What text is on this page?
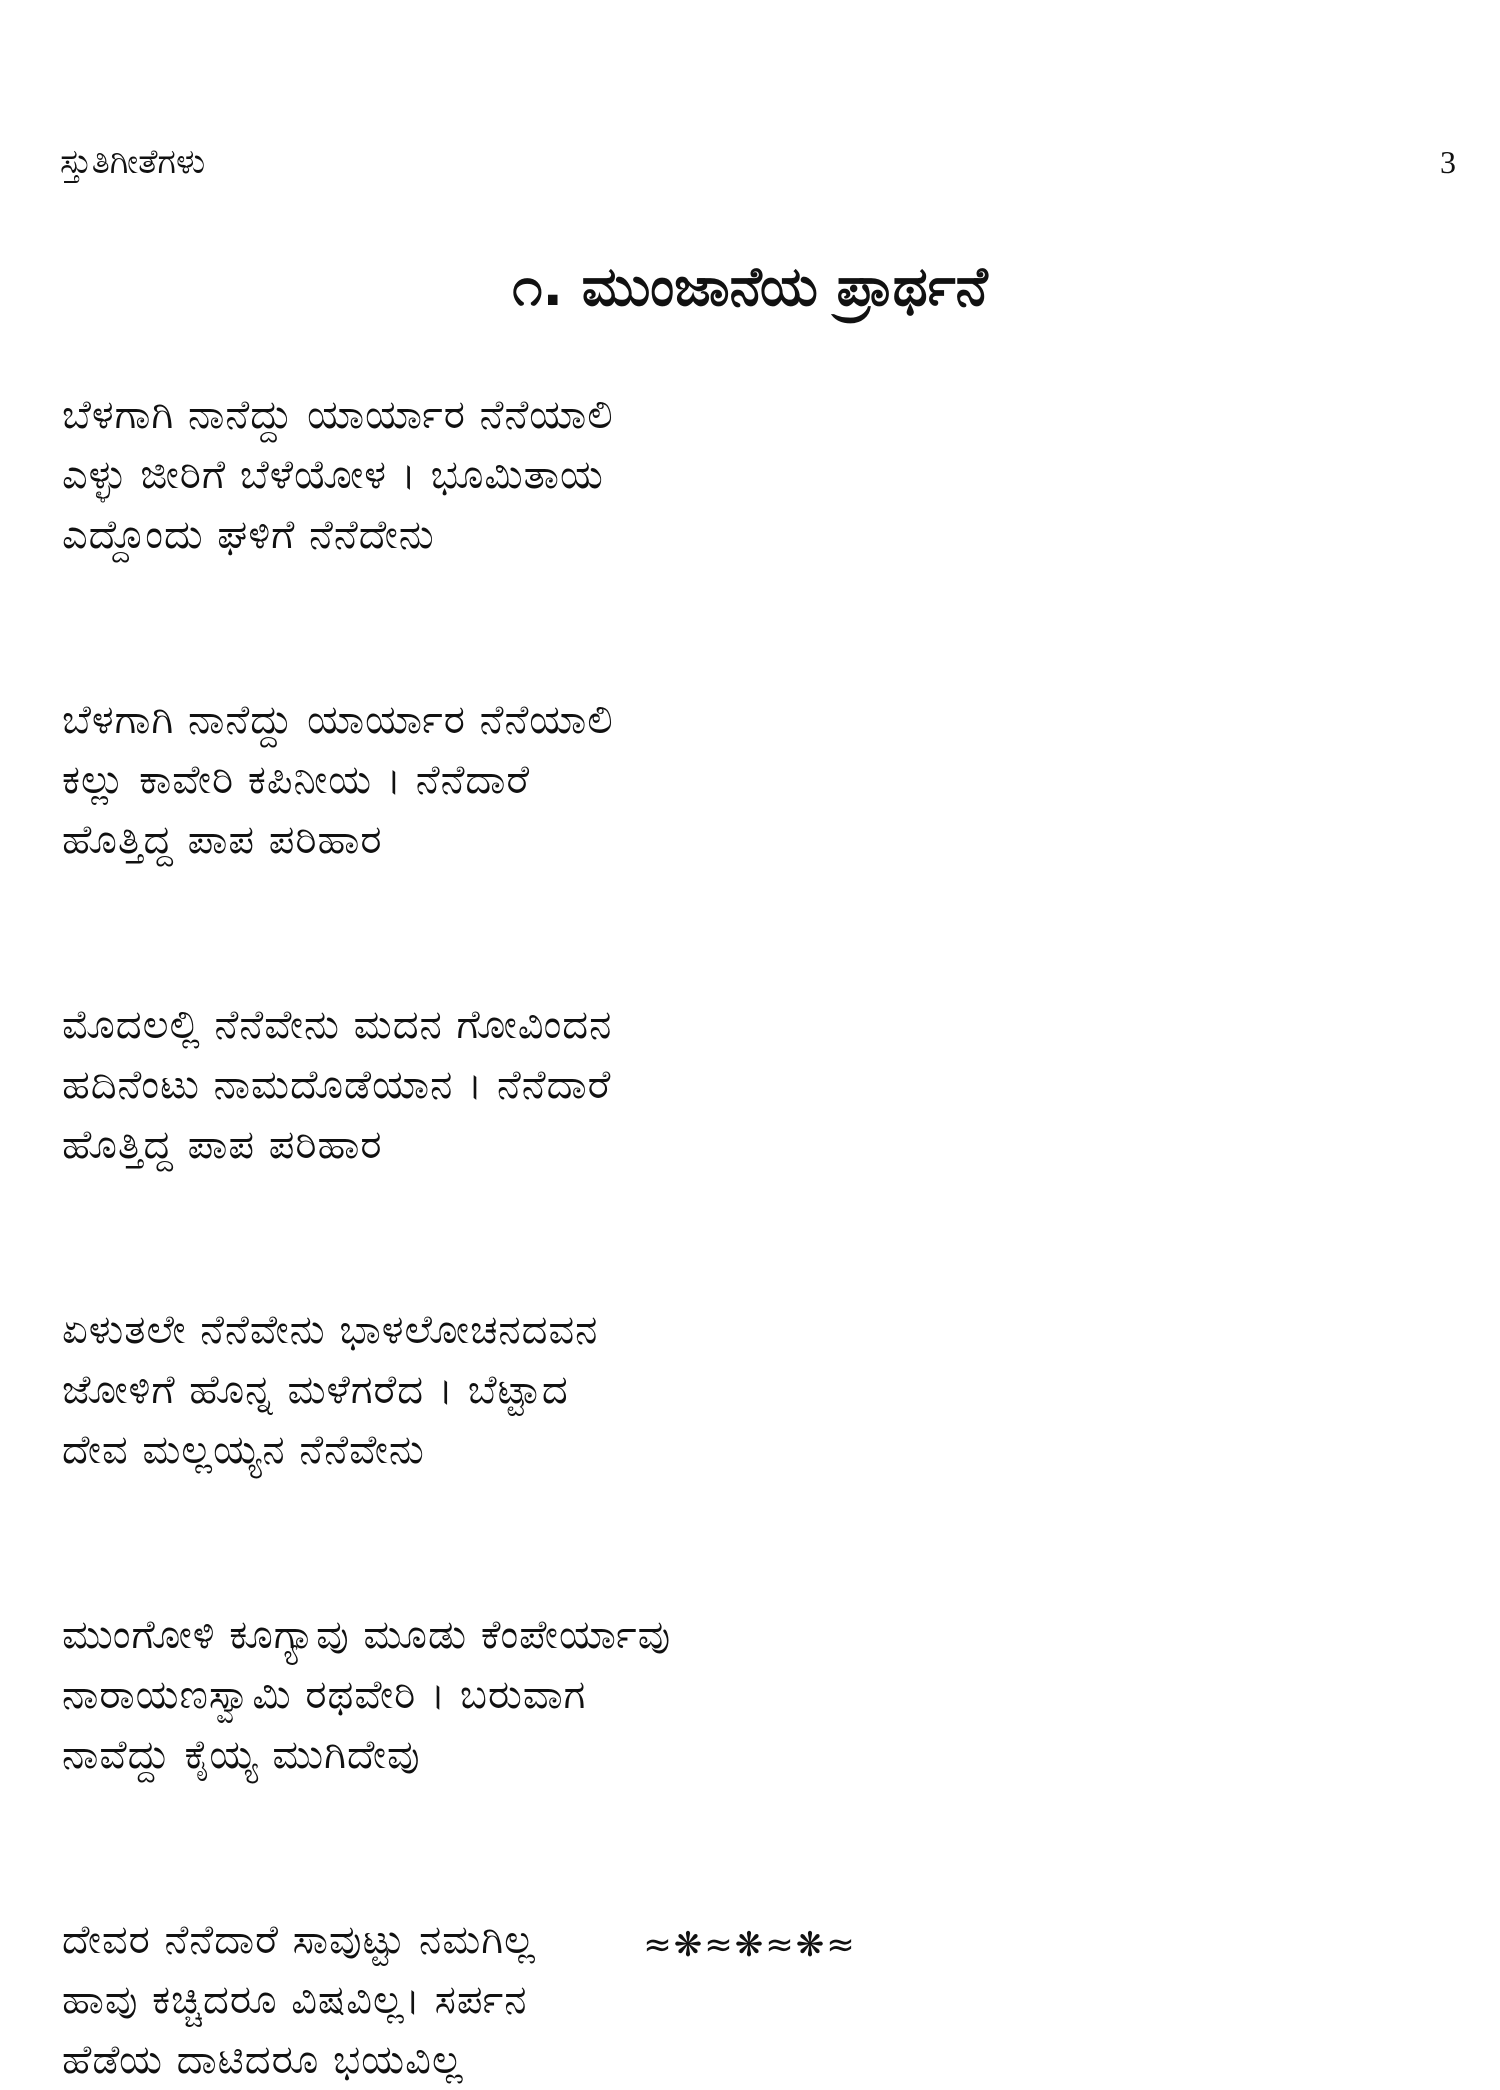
ಸ್ತುತಿಗೀತೆಗಳು	3
೧. ಮುಂಜಾನೆಯ ಪ್ರಾರ್ಥನೆ
ಬೆಳಗಾಗಿ ನಾನೆದ್ದು ಯಾರ್ಯಾರ ನೆನೆಯಾಲಿ
ಎಳ್ಳು ಜೀರಿಗೆ ಬೆಳೆಯೋಳ । ಭೂಮಿತಾಯ
ಎದ್ದೊಂದು ಘಳಿಗೆ ನೆನೆದೇನು
ಬೆಳಗಾಗಿ ನಾನೆದ್ದು ಯಾರ್ಯಾರ ನೆನೆಯಾಲಿ
ಕಲ್ಲು ಕಾವೇರಿ ಕಪಿನೀಯ । ನೆನೆದಾರೆ
ಹೊತ್ತಿದ್ದ ಪಾಪ ಪರಿಹಾರ
ಮೊದಲಲ್ಲಿ ನೆನೆವೇನು ಮದನ ಗೋವಿಂದನ
ಹದಿನೆಂಟು ನಾಮದೊಡೆಯಾನ । ನೆನೆದಾರೆ
ಹೊತ್ತಿದ್ದ ಪಾಪ ಪರಿಹಾರ
ಏಳುತಲೇ ನೆನೆವೇನು ಭಾಳಲೋಚನದವನ
ಜೋಳಿಗೆ ಹೊನ್ನ ಮಳೆಗರೆದ । ಬೆಟ್ಟಾದ
ದೇವ ಮಲ್ಲಯ್ಯನ ನೆನೆವೇನು
ಮುಂಗೋಳಿ ಕೂಗ್ಯಾವು ಮೂಡು ಕೆಂಪೇರ್ಯಾವು
ನಾರಾಯಣಸ್ವಾಮಿ ರಥವೇರಿ । ಬರುವಾಗ
ನಾವೆದ್ದು ಕೈಯ್ಯ ಮುಗಿದೇವು
ದೇವರ ನೆನೆದಾರೆ ಸಾವುಟ್ಟು ನಮಗಿಲ್ಲ
ಹಾವು ಕಚ್ಚಿದರೂ ವಿಷವಿಲ್ಲ। ಸರ್ಪನ
ಹೆಡೆಯ ದಾಟಿದರೂ ಭಯವಿಲ್ಲ
≈❋≈❋≈❋≈
